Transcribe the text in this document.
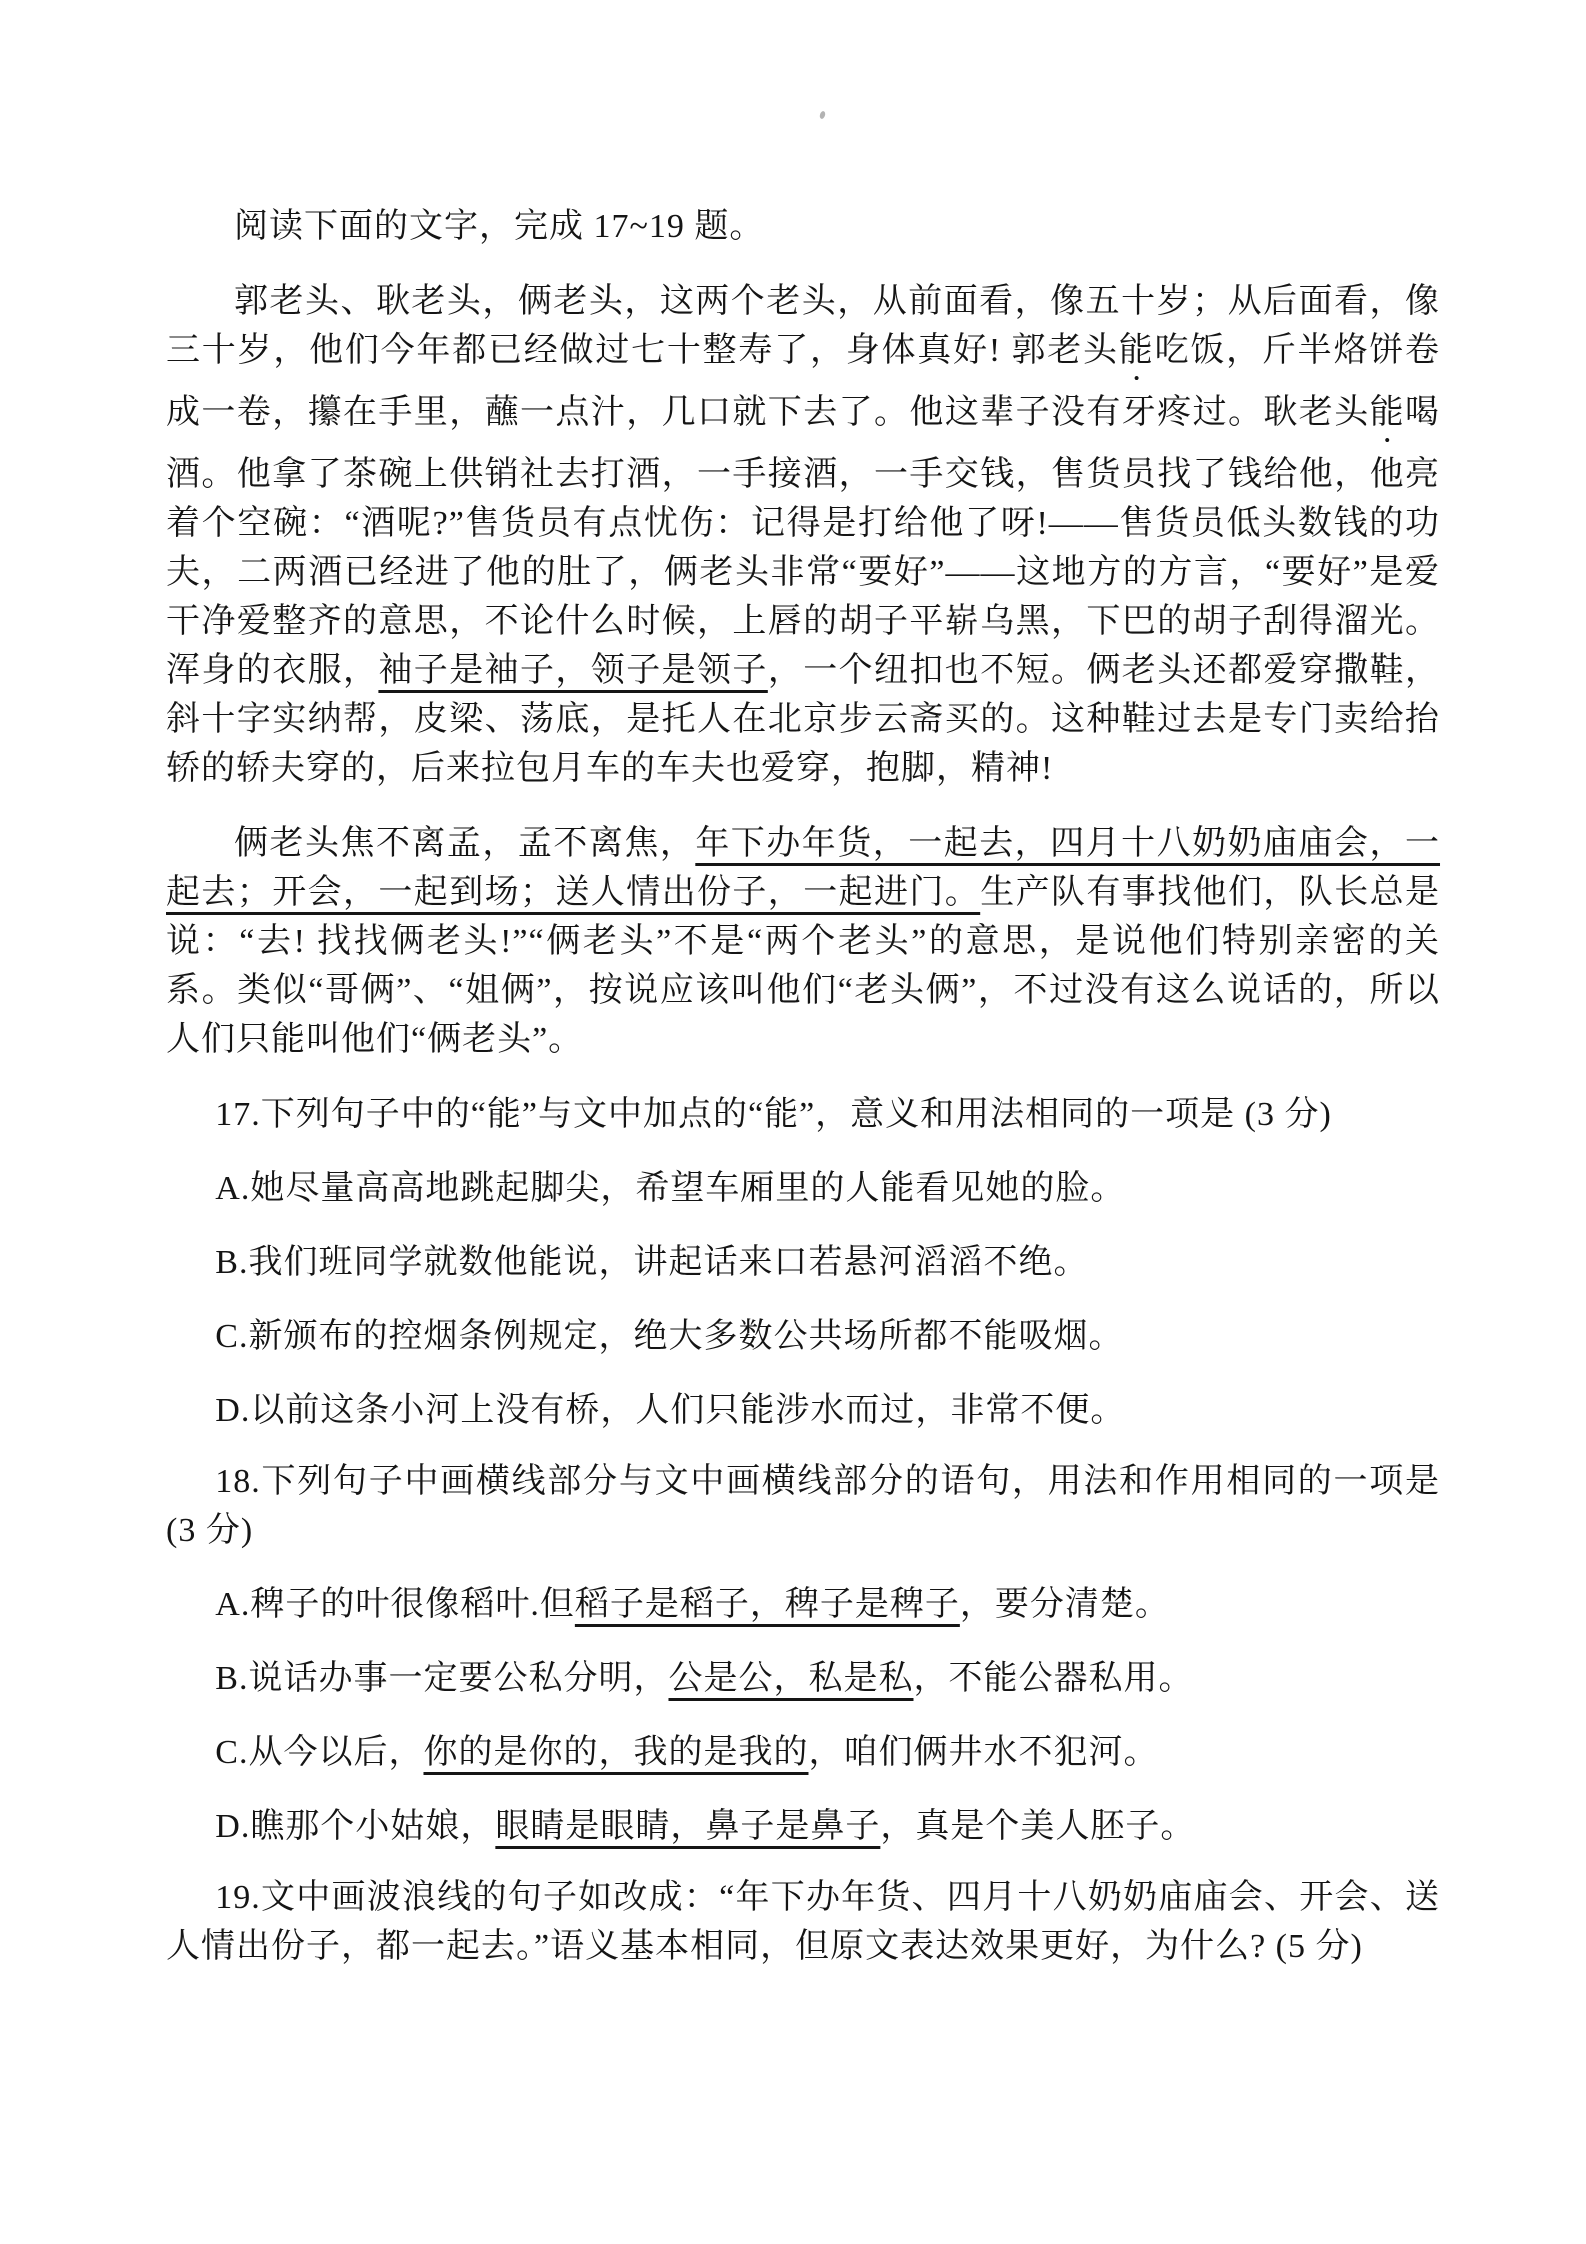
阅读下面的文字，完成 17~19 题。

郭老头、耿老头，俩老头，这两个老头，从前面看，像五十岁；从后面看，像三十岁，他们今年都已经做过七十整寿了，身体真好! 郭老头能吃饭，斤半烙饼卷成一卷，攥在手里，蘸一点汁，几口就下去了。他这辈子没有牙疼过。耿老头能喝酒。他拿了茶碗上供销社去打酒，一手接酒，一手交钱，售货员找了钱给他，他亮着个空碗：“酒呢?”售货员有点忧伤：记得是打给他了呀!——售货员低头数钱的功夫，二两酒已经进了他的肚了，俩老头非常“要好”——这地方的方言，“要好”是爱干净爱整齐的意思，不论什么时候，上唇的胡子平崭乌黑，下巴的胡子刮得溜光。浑身的衣服，袖子是袖子，领子是领子，一个纽扣也不短。俩老头还都爱穿撒鞋，斜十字实纳帮，皮梁、荡底，是托人在北京步云斋买的。这种鞋过去是专门卖给抬轿的轿夫穿的，后来拉包月车的车夫也爱穿，抱脚，精神!

俩老头焦不离孟，孟不离焦，年下办年货，一起去，四月十八奶奶庙庙会，一起去；开会，一起到场；送人情出份子，一起进门。生产队有事找他们，队长总是说：“去! 找找俩老头!”“俩老头”不是“两个老头”的意思，是说他们特别亲密的关系。类似“哥俩”、“姐俩”，按说应该叫他们“老头俩”，不过没有这么说话的，所以人们只能叫他们“俩老头”。

17.下列句子中的“能”与文中加点的“能”，意义和用法相同的一项是 (3 分)

A.她尽量高高地跳起脚尖，希望车厢里的人能看见她的脸。

B.我们班同学就数他能说，讲起话来口若悬河滔滔不绝。

C.新颁布的控烟条例规定，绝大多数公共场所都不能吸烟。

D.以前这条小河上没有桥，人们只能涉水而过，非常不便。

18.下列句子中画横线部分与文中画横线部分的语句，用法和作用相同的一项是 (3 分)

A.稗子的叶很像稻叶.但稻子是稻子，稗子是稗子，要分清楚。

B.说话办事一定要公私分明，公是公，私是私，不能公器私用。

C.从今以后，你的是你的，我的是我的，咱们俩井水不犯河。

D.瞧那个小姑娘，眼睛是眼睛，鼻子是鼻子，真是个美人胚子。

19.文中画波浪线的句子如改成：“年下办年货、四月十八奶奶庙庙会、开会、送人情出份子，都一起去。”语义基本相同，但原文表达效果更好，为什么? (5 分)
